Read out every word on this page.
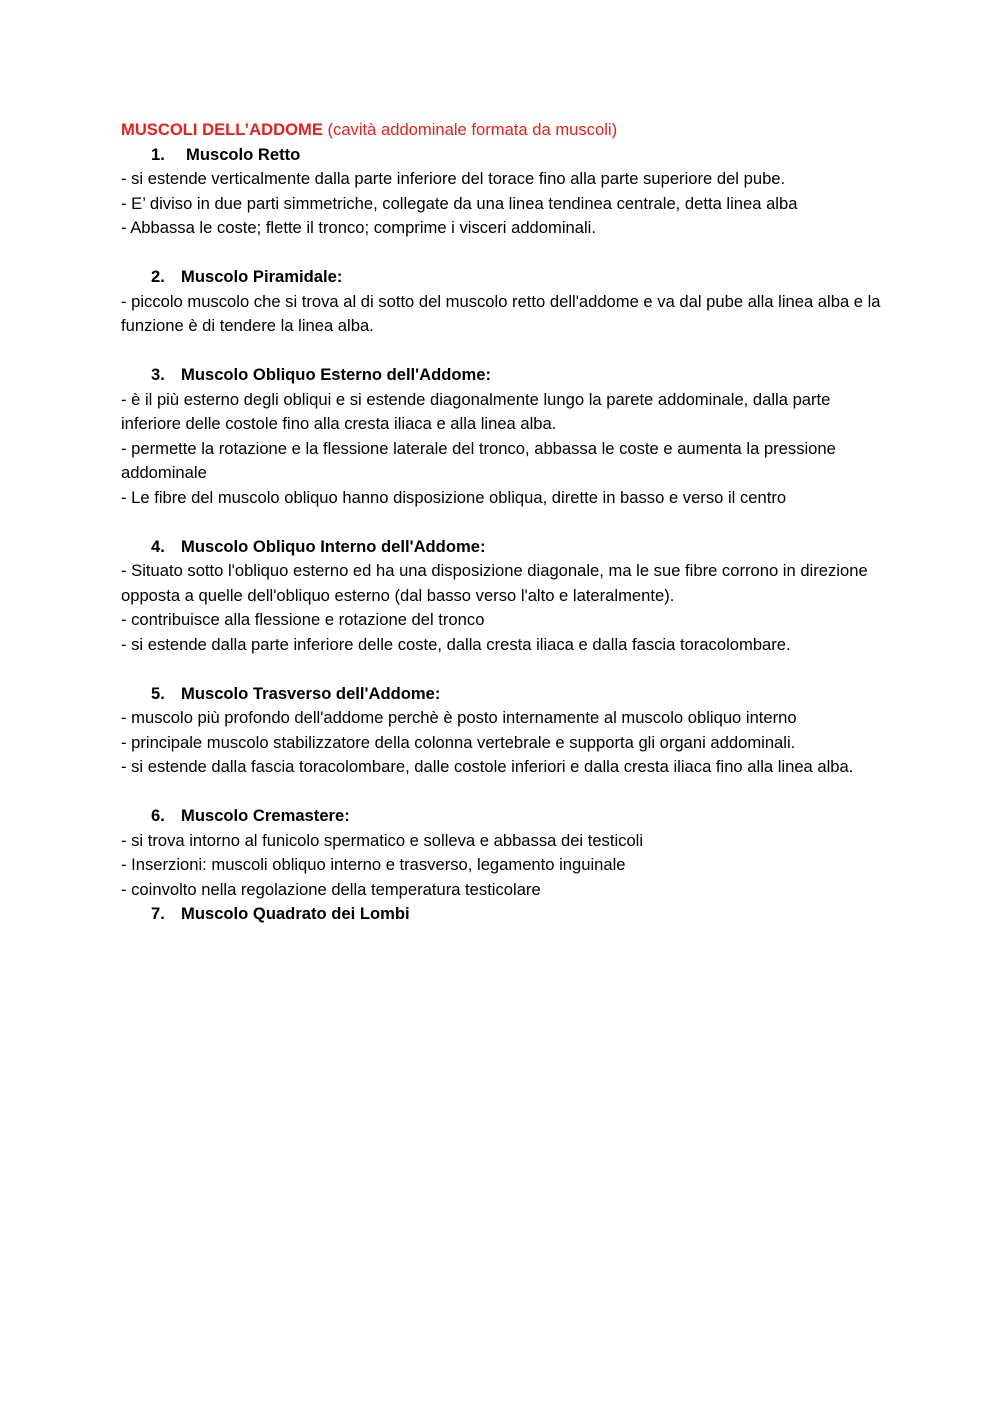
MUSCOLI DELL’ADDOME (cavità addominale formata da muscoli)

1.	Muscolo Retto

- si estende verticalmente dalla parte inferiore del torace fino alla parte superiore del pube.

- E’ diviso in due parti simmetriche, collegate da una linea tendinea centrale, detta linea alba

- Abbassa le coste; flette il tronco; comprime i visceri addominali.

2. Muscolo Piramidale:

- piccolo muscolo che si trova al di sotto del muscolo retto dell'addome e va dal pube alla linea alba e la funzione è di tendere la linea alba.

3. Muscolo Obliquo Esterno dell'Addome:

- è il più esterno degli obliqui e si estende diagonalmente lungo la parete addominale, dalla parte inferiore delle costole fino alla cresta iliaca e alla linea alba.

- permette la rotazione e la flessione laterale del tronco, abbassa le coste e aumenta la pressione addominale

- Le fibre del muscolo obliquo hanno disposizione obliqua, dirette in basso e verso il centro

4. Muscolo Obliquo Interno dell'Addome:

- Situato sotto l'obliquo esterno ed ha una disposizione diagonale, ma le sue fibre corrono in direzione opposta a quelle dell'obliquo esterno (dal basso verso l'alto e lateralmente).

- contribuisce alla flessione e rotazione del tronco

- si estende dalla parte inferiore delle coste, dalla cresta iliaca e dalla fascia toracolombare.

5. Muscolo Trasverso dell'Addome:

- muscolo più profondo dell'addome perchè è posto internamente al muscolo obliquo interno

- principale muscolo stabilizzatore della colonna vertebrale e supporta gli organi addominali.

- si estende dalla fascia toracolombare, dalle costole inferiori e dalla cresta iliaca fino alla linea alba.

6. Muscolo Cremastere:

- si trova intorno al funicolo spermatico e solleva e abbassa dei testicoli

- Inserzioni: muscoli obliquo interno e trasverso, legamento inguinale

- coinvolto nella regolazione della temperatura testicolare

7. Muscolo Quadrato dei Lombi
